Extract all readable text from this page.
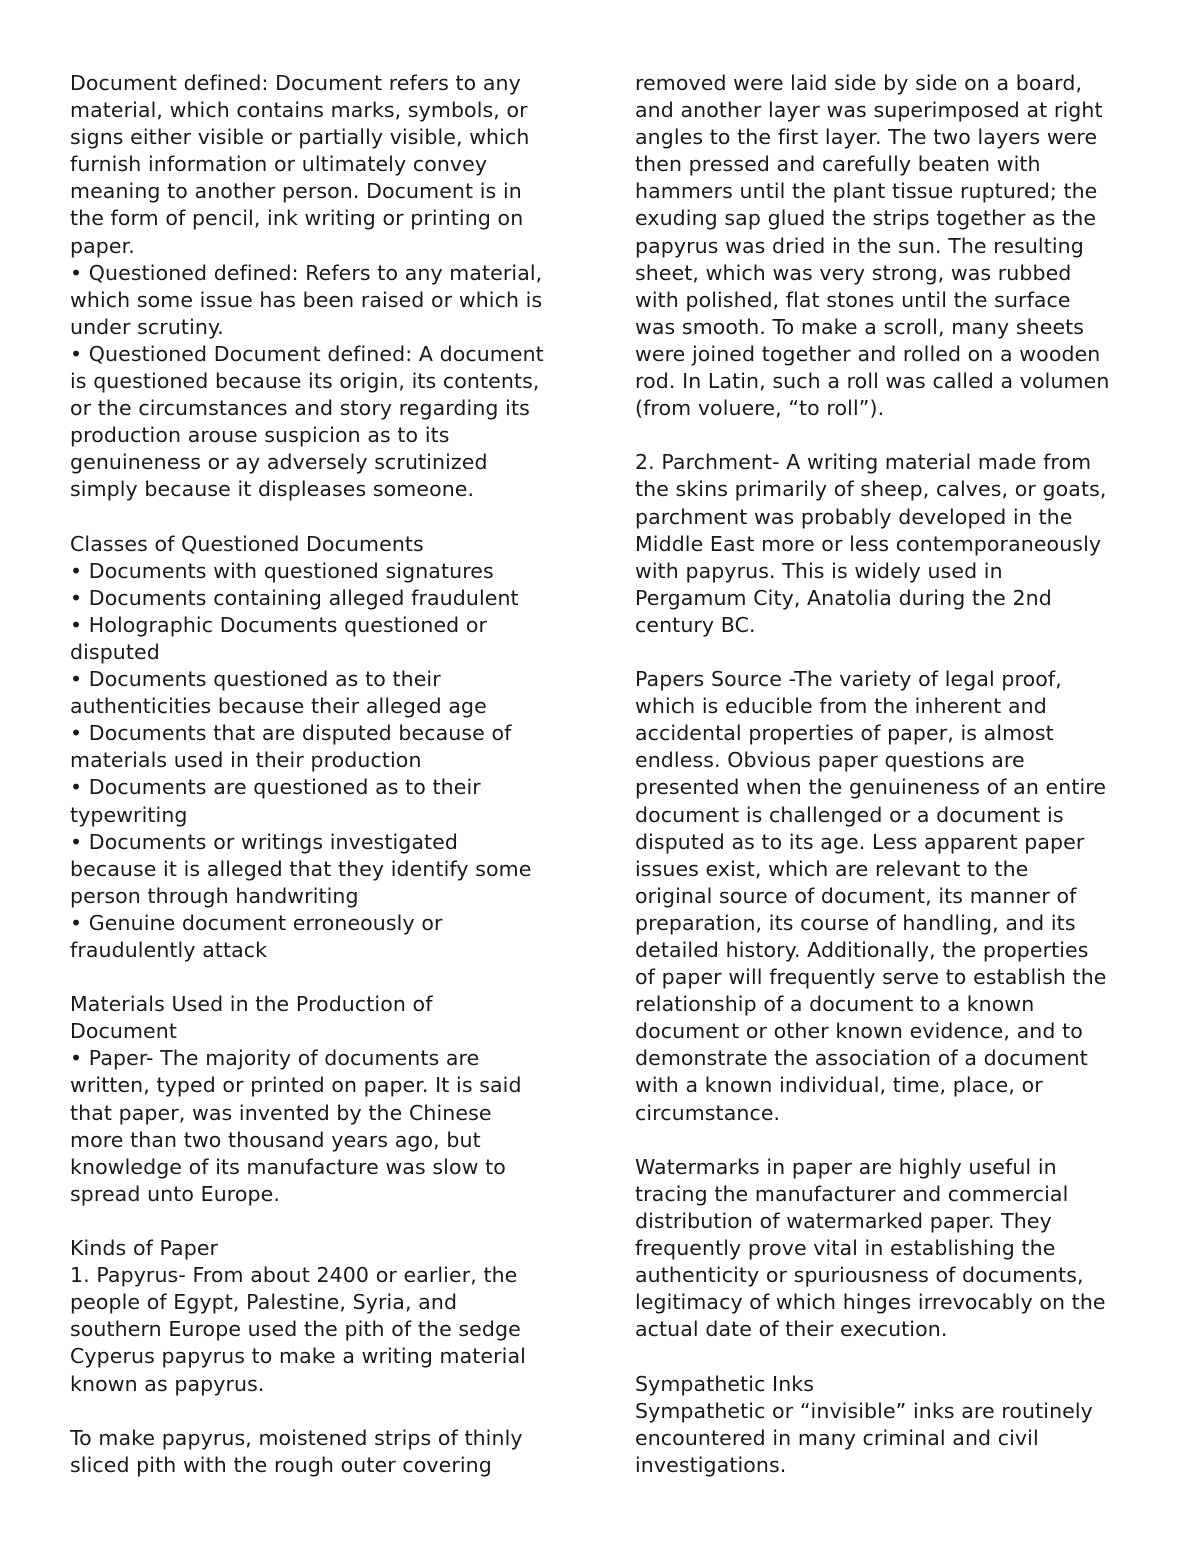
Document defined: Document refers to any
material, which contains marks, symbols, or
signs either visible or partially visible, which
furnish information or ultimately convey
meaning to another person. Document is in
the form of pencil, ink writing or printing on
paper.
• Questioned defined: Refers to any material,
which some issue has been raised or which is
under scrutiny.
• Questioned Document defined: A document
is questioned because its origin, its contents,
or the circumstances and story regarding its
production arouse suspicion as to its
genuineness or ay adversely scrutinized
simply because it displeases someone.
Classes of Questioned Documents
• Documents with questioned signatures
• Documents containing alleged fraudulent
• Holographic Documents questioned or
disputed
• Documents questioned as to their
authenticities because their alleged age
• Documents that are disputed because of
materials used in their production
• Documents are questioned as to their
typewriting
• Documents or writings investigated
because it is alleged that they identify some
person through handwriting
• Genuine document erroneously or
fraudulently attack
Materials Used in the Production of
Document
• Paper- The majority of documents are
written, typed or printed on paper. It is said
that paper, was invented by the Chinese
more than two thousand years ago, but
knowledge of its manufacture was slow to
spread unto Europe.
Kinds of Paper
1. Papyrus- From about 2400 or earlier, the
people of Egypt, Palestine, Syria, and
southern Europe used the pith of the sedge
Cyperus papyrus to make a writing material
known as papyrus.
To make papyrus, moistened strips of thinly
sliced pith with the rough outer covering
removed were laid side by side on a board,
and another layer was superimposed at right
angles to the first layer. The two layers were
then pressed and carefully beaten with
hammers until the plant tissue ruptured; the
exuding sap glued the strips together as the
papyrus was dried in the sun. The resulting
sheet, which was very strong, was rubbed
with polished, flat stones until the surface
was smooth. To make a scroll, many sheets
were joined together and rolled on a wooden
rod. In Latin, such a roll was called a volumen
(from voluere, “to roll”).
2. Parchment- A writing material made from
the skins primarily of sheep, calves, or goats,
parchment was probably developed in the
Middle East more or less contemporaneously
with papyrus. This is widely used in
Pergamum City, Anatolia during the 2nd
century BC.
Papers Source -The variety of legal proof,
which is educible from the inherent and
accidental properties of paper, is almost
endless. Obvious paper questions are
presented when the genuineness of an entire
document is challenged or a document is
disputed as to its age. Less apparent paper
issues exist, which are relevant to the
original source of document, its manner of
preparation, its course of handling, and its
detailed history. Additionally, the properties
of paper will frequently serve to establish the
relationship of a document to a known
document or other known evidence, and to
demonstrate the association of a document
with a known individual, time, place, or
circumstance.
Watermarks in paper are highly useful in
tracing the manufacturer and commercial
distribution of watermarked paper. They
frequently prove vital in establishing the
authenticity or spuriousness of documents,
legitimacy of which hinges irrevocably on the
actual date of their execution.
Sympathetic Inks
Sympathetic or “invisible” inks are routinely
encountered in many criminal and civil
investigations.
